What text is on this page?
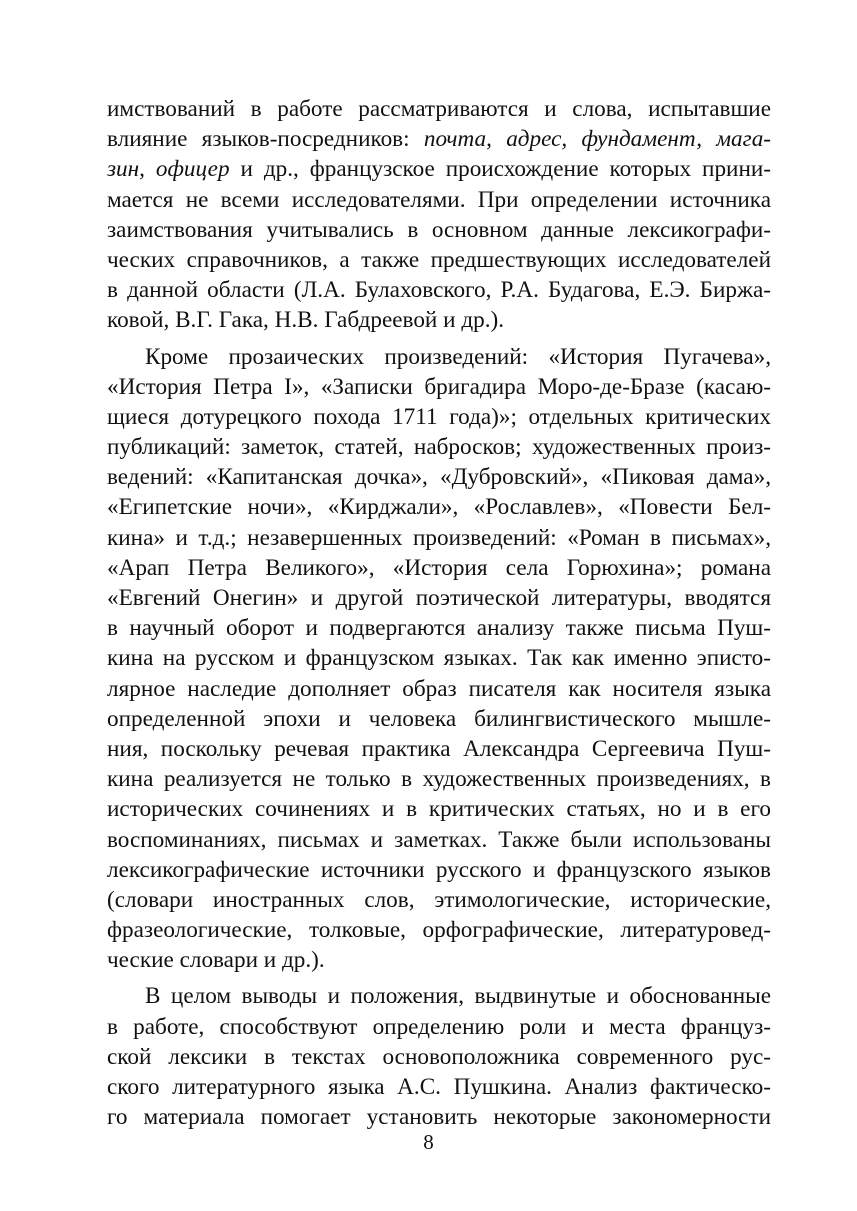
имствований в работе рассматриваются и слова, испытавшие
влияние языков-посредников: почта, адрес, фундамент, мага-
зин, офицер и др., французское происхождение которых прини-
мается не всеми исследователями. При определении источника
заимствования учитывались в основном данные лексикографи-
ческих справочников, а также предшествующих исследователей
в данной области (Л.А. Булаховского, Р.А. Будагова, Е.Э. Биржа-
ковой, В.Г. Гака, Н.В. Габдреевой и др.).
Кроме прозаических произведений: «История Пугачева»,
«История Петра I», «Записки бригадира Моро-де-Бразе (касаю-
щиеся дотурецкого похода 1711 года)»; отдельных критических
публикаций: заметок, статей, набросков; художественных произ-
ведений: «Капитанская дочка», «Дубровский», «Пиковая дама»,
«Египетские ночи», «Кирджали», «Рославлев», «Повести Бел-
кина» и т.д.; незавершенных произведений: «Роман в письмах»,
«Арап Петра Великого», «История села Горюхина»; романа
«Евгений Онегин» и другой поэтической литературы, вводятся
в научный оборот и подвергаются анализу также письма Пуш-
кина на русском и французском языках. Так как именно эписто-
лярное наследие дополняет образ писателя как носителя языка
определенной эпохи и человека билингвистического мышле-
ния, поскольку речевая практика Александра Сергеевича Пуш-
кина реализуется не только в художественных произведениях, в
исторических сочинениях и в критических статьях, но и в его
воспоминаниях, письмах и заметках. Также были использованы
лексикографические источники русского и французского языков
(словари иностранных слов, этимологические, исторические,
фразеологические, толковые, орфографические, литературовед-
ческие словари и др.).
В целом выводы и положения, выдвинутые и обоснованные
в работе, способствуют определению роли и места француз-
ской лексики в текстах основоположника современного рус-
ского литературного языка А.С. Пушкина. Анализ фактическо-
го материала помогает установить некоторые закономерности
8
